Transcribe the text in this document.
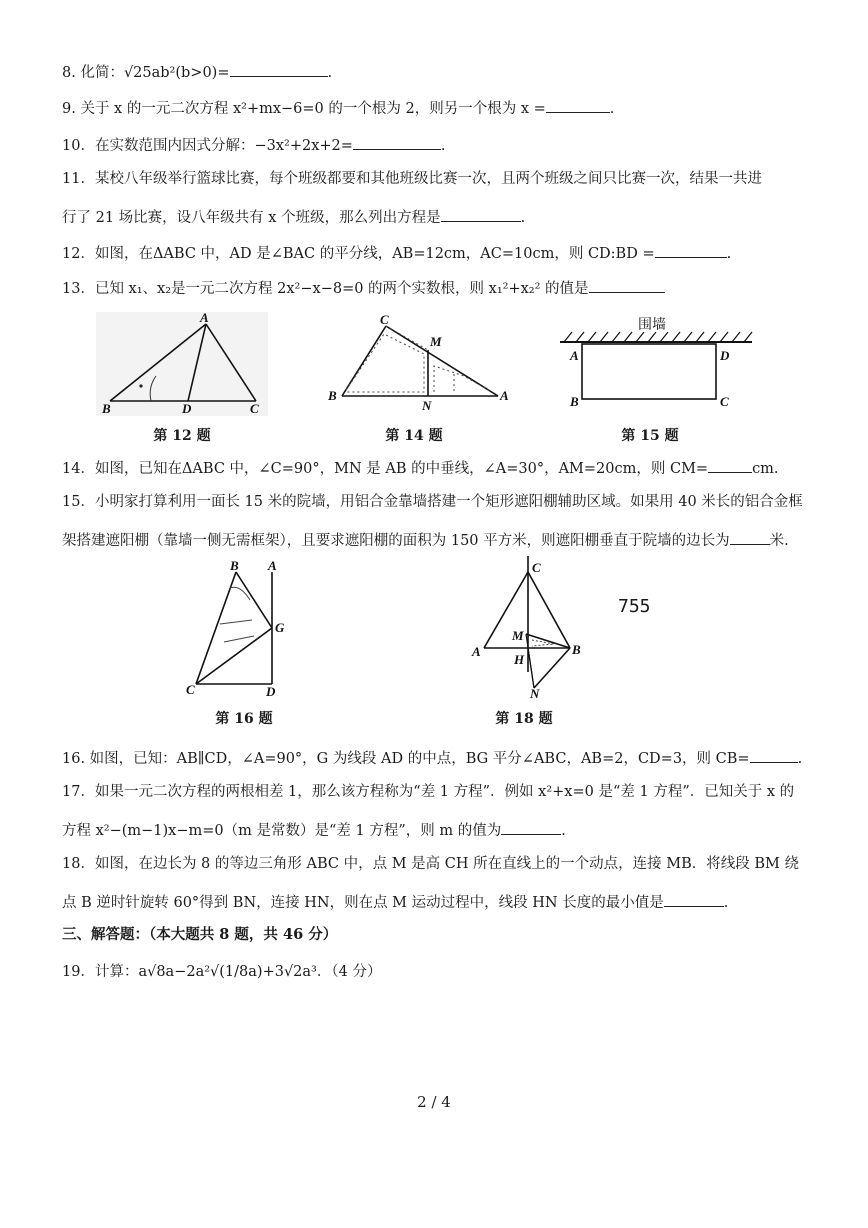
8. 化简：√25ab²(b>0)=	.
9. 关于 x 的一元二次方程 x²+mx−6=0 的一个根为 2，则另一个根为 x =	.
10．在实数范围内因式分解：−3x²+2x+2=	.
11．某校八年级举行篮球比赛，每个班级都要和其他班级比赛一次，且两个班级之间只比赛一次，结果一共进
行了 21 场比赛，设八年级共有 x 个班级，那么列出方程是	.
12．如图，在ΔABC 中，AD 是∠BAC 的平分线，AB=12cm，AC=10cm，则 CD:BD =	.
13．已知 x₁、x₂是一元二次方程 2x²−x−8=0 的两个实数根，则 x₁²+x₂² 的值是
A
B	D	C
第 12 题
C
M
B
N
A
第 14 题
围墙
A	D
B	C
第 15 题
14．如图，已知在ΔABC 中，∠C=90°，MN 是 AB 的中垂线，∠A=30°，AM=20cm，则 CM=	cm.
15．小明家打算利用一面长 15 米的院墙，用铝合金靠墙搭建一个矩形遮阳棚辅助区域。如果用 40 米长的铝合金框
架搭建遮阳棚（靠墙一侧无需框架），且要求遮阳棚的面积为 150 平方米，则遮阳棚垂直于院墙的边长为	米.
B A
G
C	D
第 16 题
C
M
A
H
B
N
第 18 题
755
16. 如图，已知：AB∥CD，∠A=90°，G 为线段 AD 的中点，BG 平分∠ABC，AB=2，CD=3，则 CB=	.
17．如果一元二次方程的两根相差 1，那么该方程称为“差 1 方程”．例如 x²+x=0 是“差 1 方程”．已知关于 x 的
方程 x²−(m−1)x−m=0（m 是常数）是“差 1 方程”，则 m 的值为	.
18．如图，在边长为 8 的等边三角形 ABC 中，点 M 是高 CH 所在直线上的一个动点，连接 MB．将线段 BM 绕
点 B 逆时针旋转 60°得到 BN，连接 HN，则在点 M 运动过程中，线段 HN 长度的最小值是	.
三、解答题：（本大题共 8 题，共 46 分）
19．计算：a√8a−2a²√(1/8a)+3√2a³．（4 分）
2 / 4
